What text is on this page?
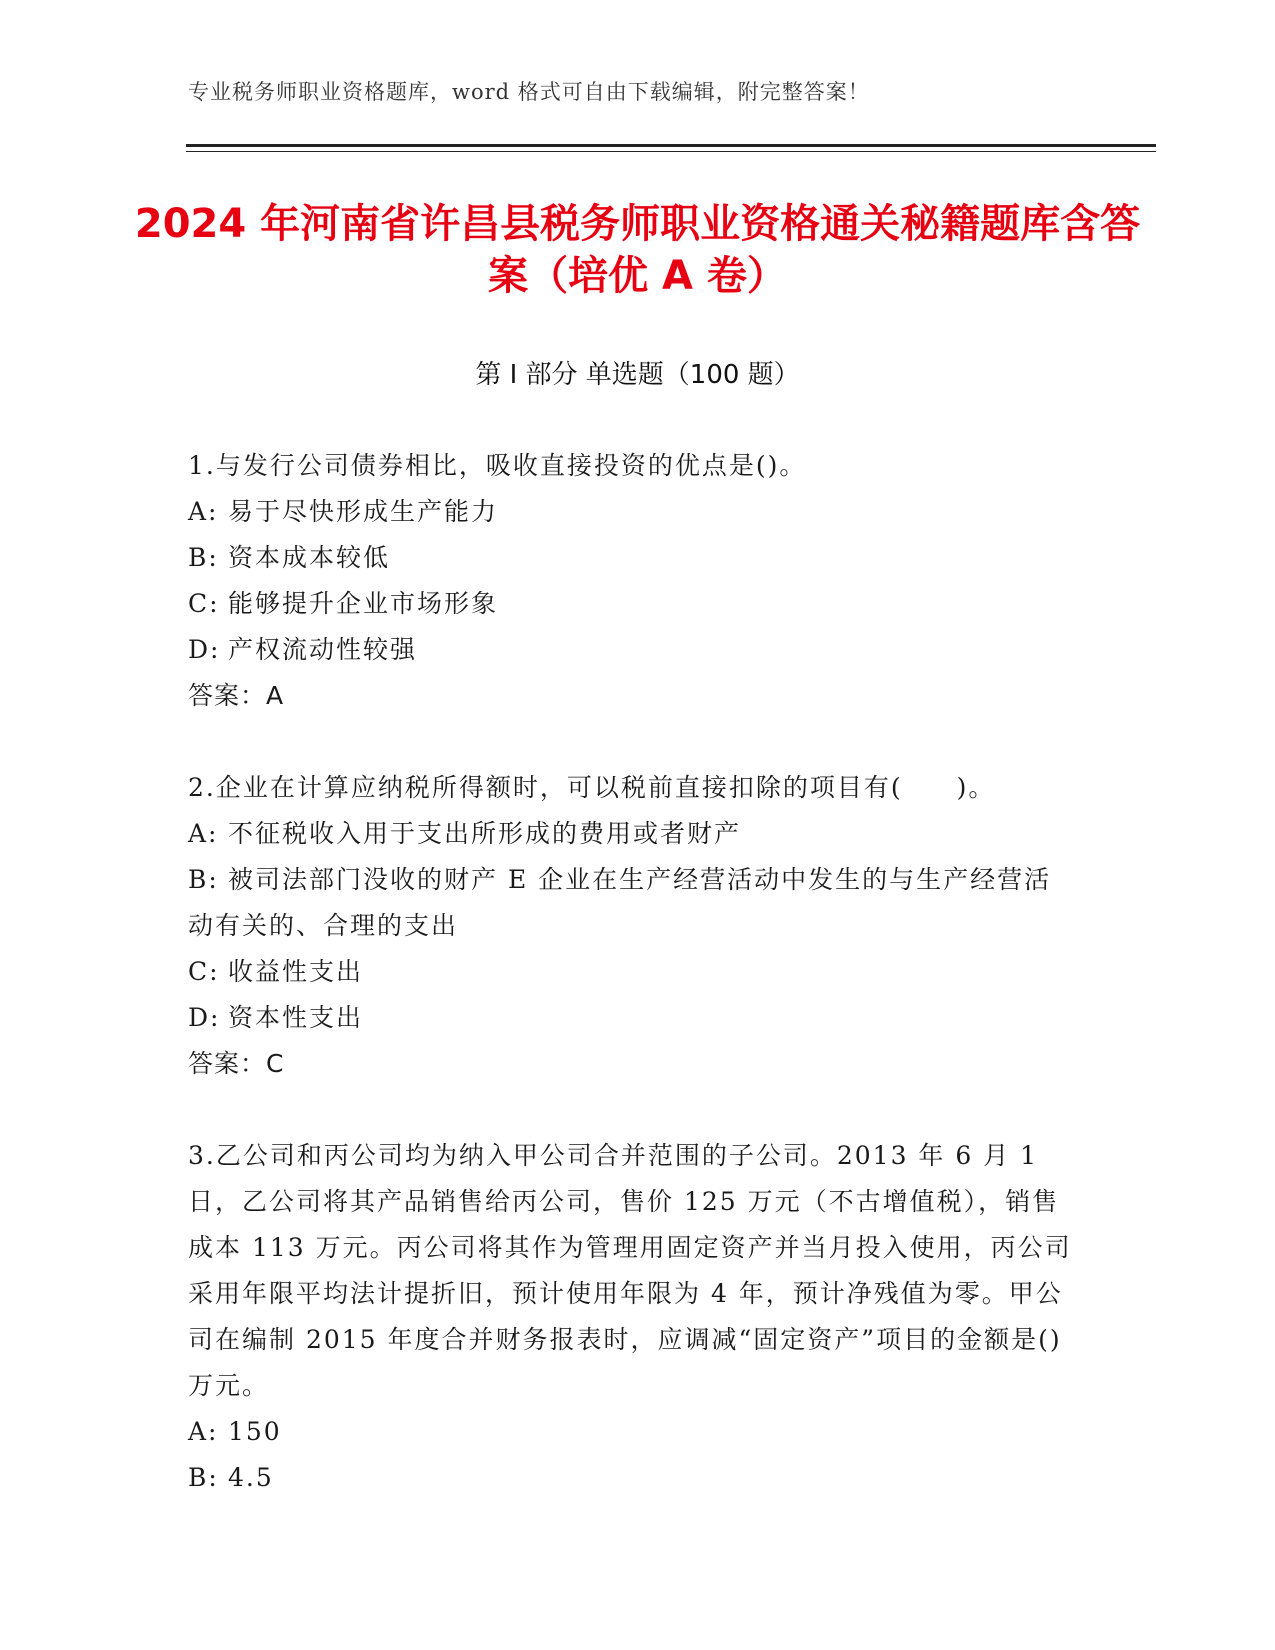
专业税务师职业资格题库，word 格式可自由下载编辑，附完整答案！
2024 年河南省许昌县税务师职业资格通关秘籍题库含答案（培优 A 卷）
第 I 部分 单选题（100 题）

1.与发行公司债券相比，吸收直接投资的优点是()。

A: 易于尽快形成生产能力

B: 资本成本较低

C: 能够提升企业市场形象

D: 产权流动性较强

答案：A

2.企业在计算应纳税所得额时，可以税前直接扣除的项目有(　　)。

A: 不征税收入用于支出所形成的费用或者财产

B: 被司法部门没收的财产 E 企业在生产经营活动中发生的与生产经营活动有关的、合理的支出

C: 收益性支出

D: 资本性支出

答案：C

3.乙公司和丙公司均为纳入甲公司合并范围的子公司。2013 年 6 月 1 日，乙公司将其产品销售给丙公司，售价 125 万元（不古增值税），销售成本 113 万元。丙公司将其作为管理用固定资产并当月投入使用，丙公司采用年限平均法计提折旧，预计使用年限为 4 年，预计净残值为零。甲公司在编制 2015 年度合并财务报表时，应调减“固定资产”项目的金额是()万元。

A: 150

B: 4.5
